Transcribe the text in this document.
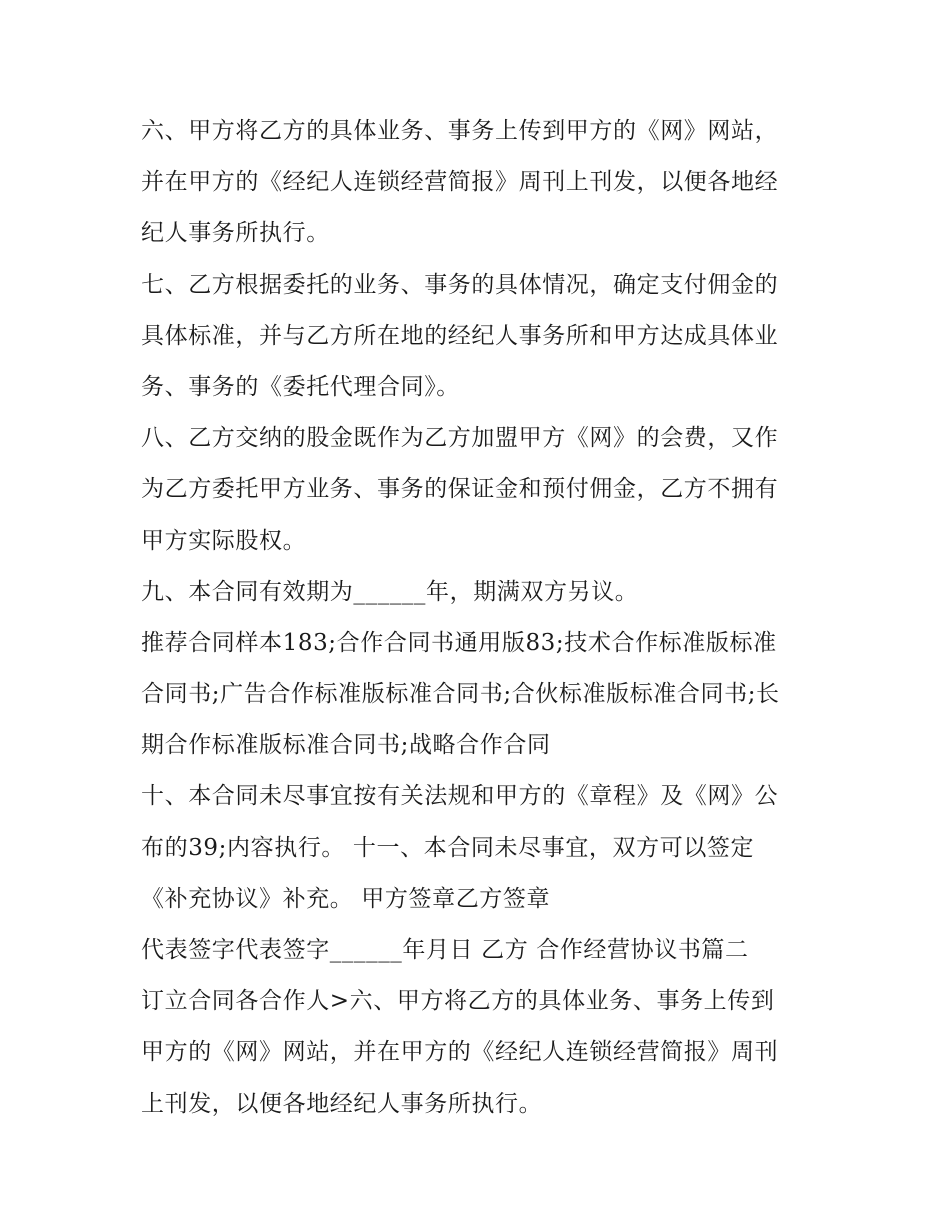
六、甲方将乙方的具体业务、事务上传到甲方的《网》网站，
并在甲方的《经纪人连锁经营简报》周刊上刊发，以便各地经
纪人事务所执行。
七、乙方根据委托的业务、事务的具体情况，确定支付佣金的
具体标准，并与乙方所在地的经纪人事务所和甲方达成具体业
务、事务的《委托代理合同》。
八、乙方交纳的股金既作为乙方加盟甲方《网》的会费，又作
为乙方委托甲方业务、事务的保证金和预付佣金，乙方不拥有
甲方实际股权。
九、本合同有效期为______年，期满双方另议。
推荐合同样本183;合作合同书通用版83;技术合作标准版标准
合同书;广告合作标准版标准合同书;合伙标准版标准合同书;长
期合作标准版标准合同书;战略合作合同
十、本合同未尽事宜按有关法规和甲方的《章程》及《网》公
布的39;内容执行。 十一、本合同未尽事宜，双方可以签定
《补充协议》补充。 甲方签章乙方签章
代表签字代表签字______年月日 乙方 合作经营协议书篇二
订立合同各合作人>六、甲方将乙方的具体业务、事务上传到
甲方的《网》网站，并在甲方的《经纪人连锁经营简报》周刊
上刊发，以便各地经纪人事务所执行。
